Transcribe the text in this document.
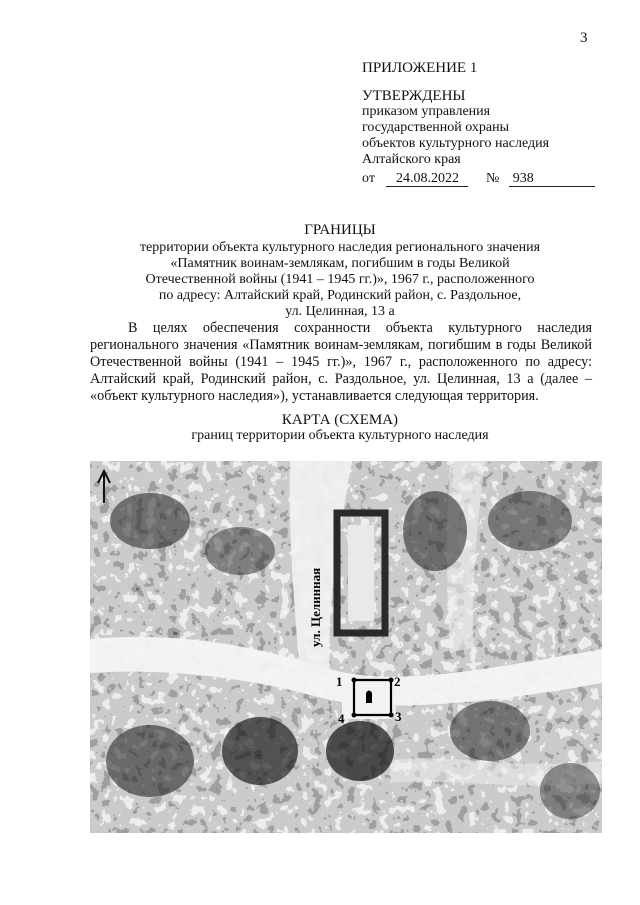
3
ПРИЛОЖЕНИЕ 1
УТВЕРЖДЕНЫ
приказом управления
государственной охраны
объектов культурного наследия
Алтайского края
от 24.08.2022 № 938
ГРАНИЦЫ
территории объекта культурного наследия регионального значения
«Памятник воинам-землякам, погибшим в годы Великой
Отечественной войны (1941 – 1945 гг.)», 1967 г., расположенного
по адресу: Алтайский край, Родинский район, с. Раздольное,
ул. Целинная, 13 а
В целях обеспечения сохранности объекта культурного наследия регионального значения «Памятник воинам-землякам, погибшим в годы Великой Отечественной войны (1941 – 1945 гг.)», 1967 г., расположенного по адресу: Алтайский край, Родинский район, с. Раздольное, ул. Целинная, 13 а (далее – «объект культурного наследия»), устанавливается следующая территория.
КАРТА (СХЕМА)
границ территории объекта культурного наследия
1	2
3
4
ул. Целинная
